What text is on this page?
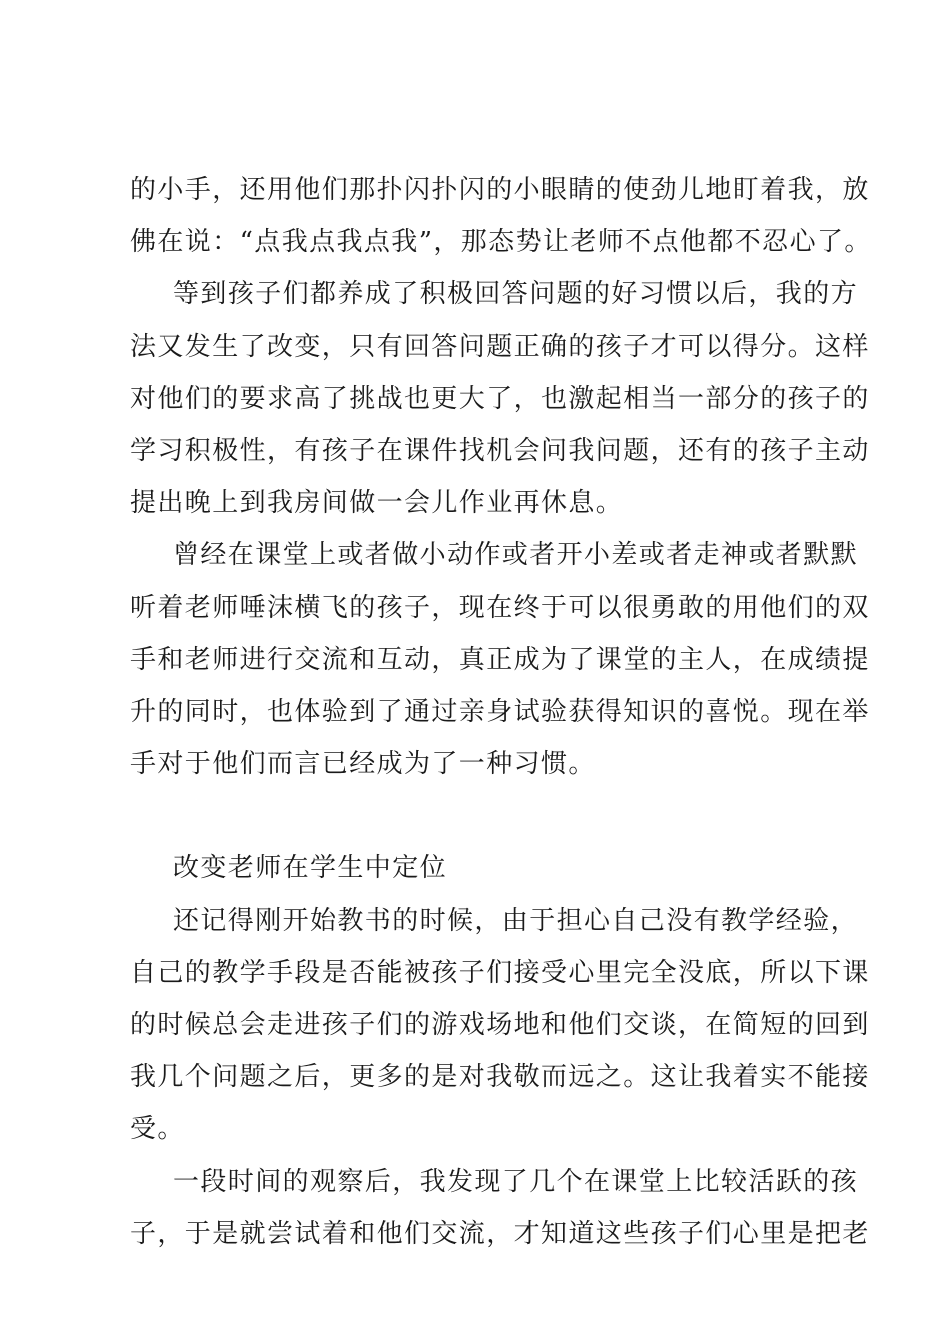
的小手，还用他们那扑闪扑闪的小眼睛的使劲儿地盯着我，放
佛在说：“点我点我点我”，那态势让老师不点他都不忍心了。
等到孩子们都养成了积极回答问题的好习惯以后，我的方
法又发生了改变，只有回答问题正确的孩子才可以得分。这样
对他们的要求高了挑战也更大了，也激起相当一部分的孩子的
学习积极性，有孩子在课件找机会问我问题，还有的孩子主动
提出晚上到我房间做一会儿作业再休息。
曾经在课堂上或者做小动作或者开小差或者走神或者默默
听着老师唾沫横飞的孩子，现在终于可以很勇敢的用他们的双
手和老师进行交流和互动，真正成为了课堂的主人，在成绩提
升的同时，也体验到了通过亲身试验获得知识的喜悦。现在举
手对于他们而言已经成为了一种习惯。
改变老师在学生中定位
还记得刚开始教书的时候，由于担心自己没有教学经验，
自己的教学手段是否能被孩子们接受心里完全没底，所以下课
的时候总会走进孩子们的游戏场地和他们交谈，在简短的回到
我几个问题之后，更多的是对我敬而远之。这让我着实不能接
受。
一段时间的观察后，我发现了几个在课堂上比较活跃的孩
子，于是就尝试着和他们交流，才知道这些孩子们心里是把老
